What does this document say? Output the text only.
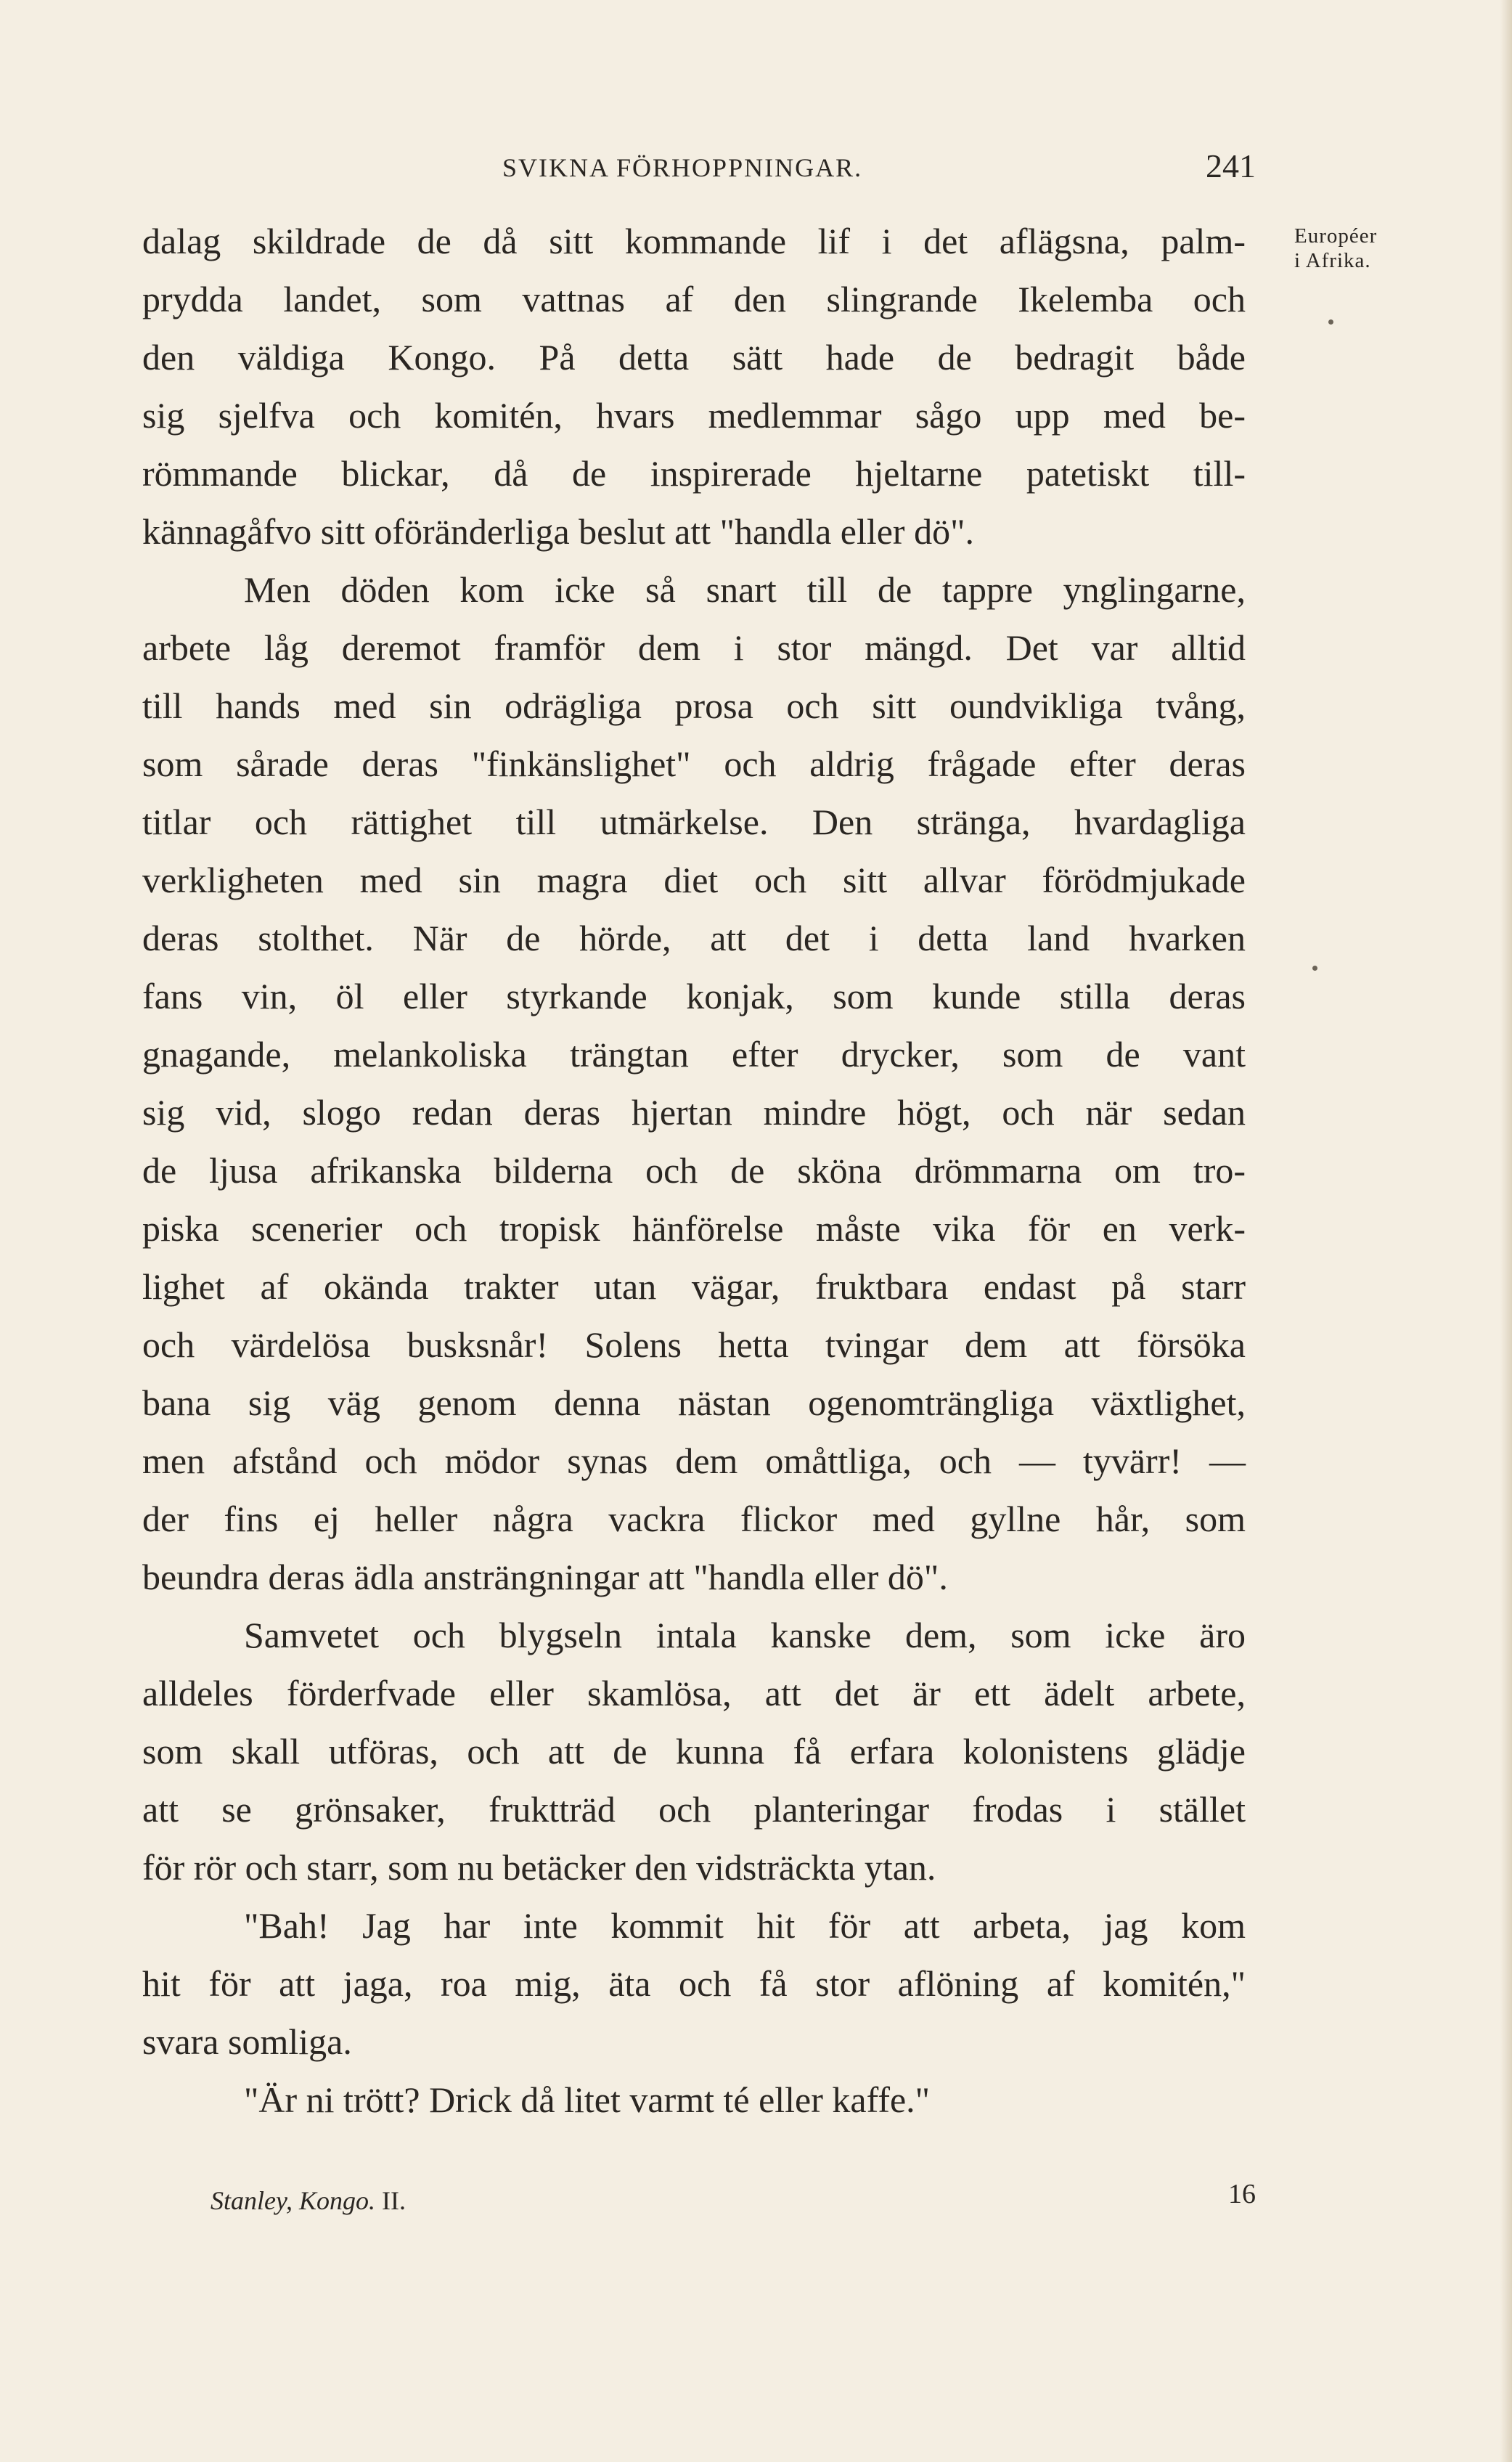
SVIKNA FÖRHOPPNINGAR.	241
Européer
i Afrika.
dalag skildrade de då sitt kommande lif i det aflägsna, palm-
prydda landet, som vattnas af den slingrande Ikelemba och
den väldiga Kongo. På detta sätt hade de bedragit både
sig sjelfva och komitén, hvars medlemmar sågo upp med be-
römmande blickar, då de inspirerade hjeltarne patetiskt till-
kännagåfvo sitt oföränderliga beslut att "handla eller dö".
Men döden kom icke så snart till de tappre ynglingarne,
arbete låg deremot framför dem i stor mängd. Det var alltid
till hands med sin odrägliga prosa och sitt oundvikliga tvång,
som sårade deras "finkänslighet" och aldrig frågade efter deras
titlar och rättighet till utmärkelse. Den stränga, hvardagliga
verkligheten med sin magra diet och sitt allvar förödmjukade
deras stolthet. När de hörde, att det i detta land hvarken
fans vin, öl eller styrkande konjak, som kunde stilla deras
gnagande, melankoliska trängtan efter drycker, som de vant
sig vid, slogo redan deras hjertan mindre högt, och när sedan
de ljusa afrikanska bilderna och de sköna drömmarna om tro-
piska scenerier och tropisk hänförelse måste vika för en verk-
lighet af okända trakter utan vägar, fruktbara endast på starr
och värdelösa busksnår! Solens hetta tvingar dem att försöka
bana sig väg genom denna nästan ogenomträngliga växtlighet,
men afstånd och mödor synas dem omåttliga, och — tyvärr! —
der fins ej heller några vackra flickor med gyllne hår, som
beundra deras ädla ansträngningar att "handla eller dö".
Samvetet och blygseln intala kanske dem, som icke äro
alldeles förderfvade eller skamlösa, att det är ett ädelt arbete,
som skall utföras, och att de kunna få erfara kolonistens glädje
att se grönsaker, fruktträd och planteringar frodas i stället
för rör och starr, som nu betäcker den vidsträckta ytan.
"Bah! Jag har inte kommit hit för att arbeta, jag kom
hit för att jaga, roa mig, äta och få stor aflöning af komitén,"
svara somliga.
"Är ni trött? Drick då litet varmt té eller kaffe."
Stanley, Kongo. II.	16
